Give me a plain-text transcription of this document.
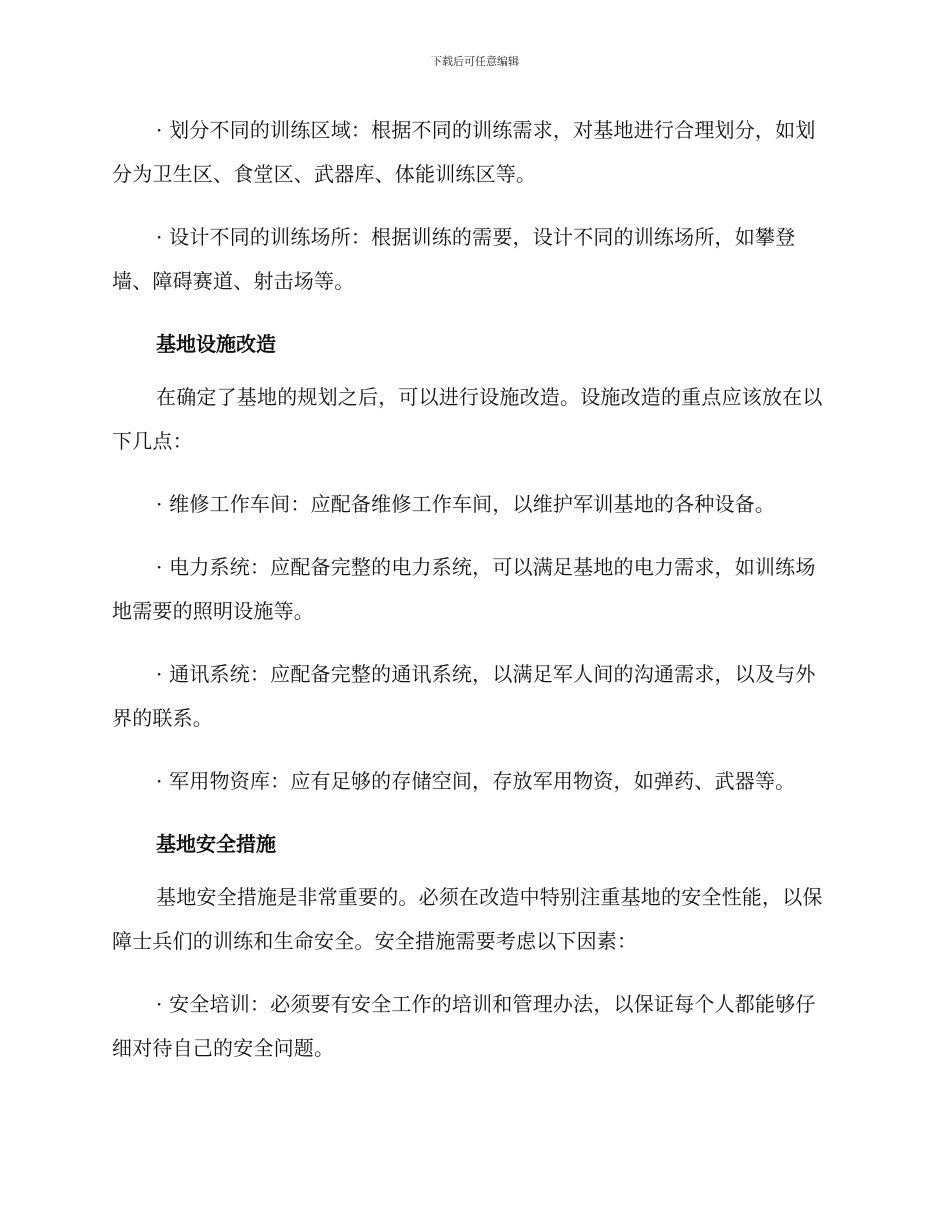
下载后可任意编辑

· 划分不同的训练区域：根据不同的训练需求，对基地进行合理划分，如划分为卫生区、食堂区、武器库、体能训练区等。

· 设计不同的训练场所：根据训练的需要，设计不同的训练场所，如攀登墙、障碍赛道、射击场等。

基地设施改造

在确定了基地的规划之后，可以进行设施改造。设施改造的重点应该放在以下几点：

· 维修工作车间：应配备维修工作车间，以维护军训基地的各种设备。

· 电力系统：应配备完整的电力系统，可以满足基地的电力需求，如训练场地需要的照明设施等。

· 通讯系统：应配备完整的通讯系统，以满足军人间的沟通需求，以及与外界的联系。

· 军用物资库：应有足够的存储空间，存放军用物资，如弹药、武器等。

基地安全措施

基地安全措施是非常重要的。必须在改造中特别注重基地的安全性能，以保障士兵们的训练和生命安全。安全措施需要考虑以下因素：

· 安全培训：必须要有安全工作的培训和管理办法，以保证每个人都能够仔细对待自己的安全问题。
